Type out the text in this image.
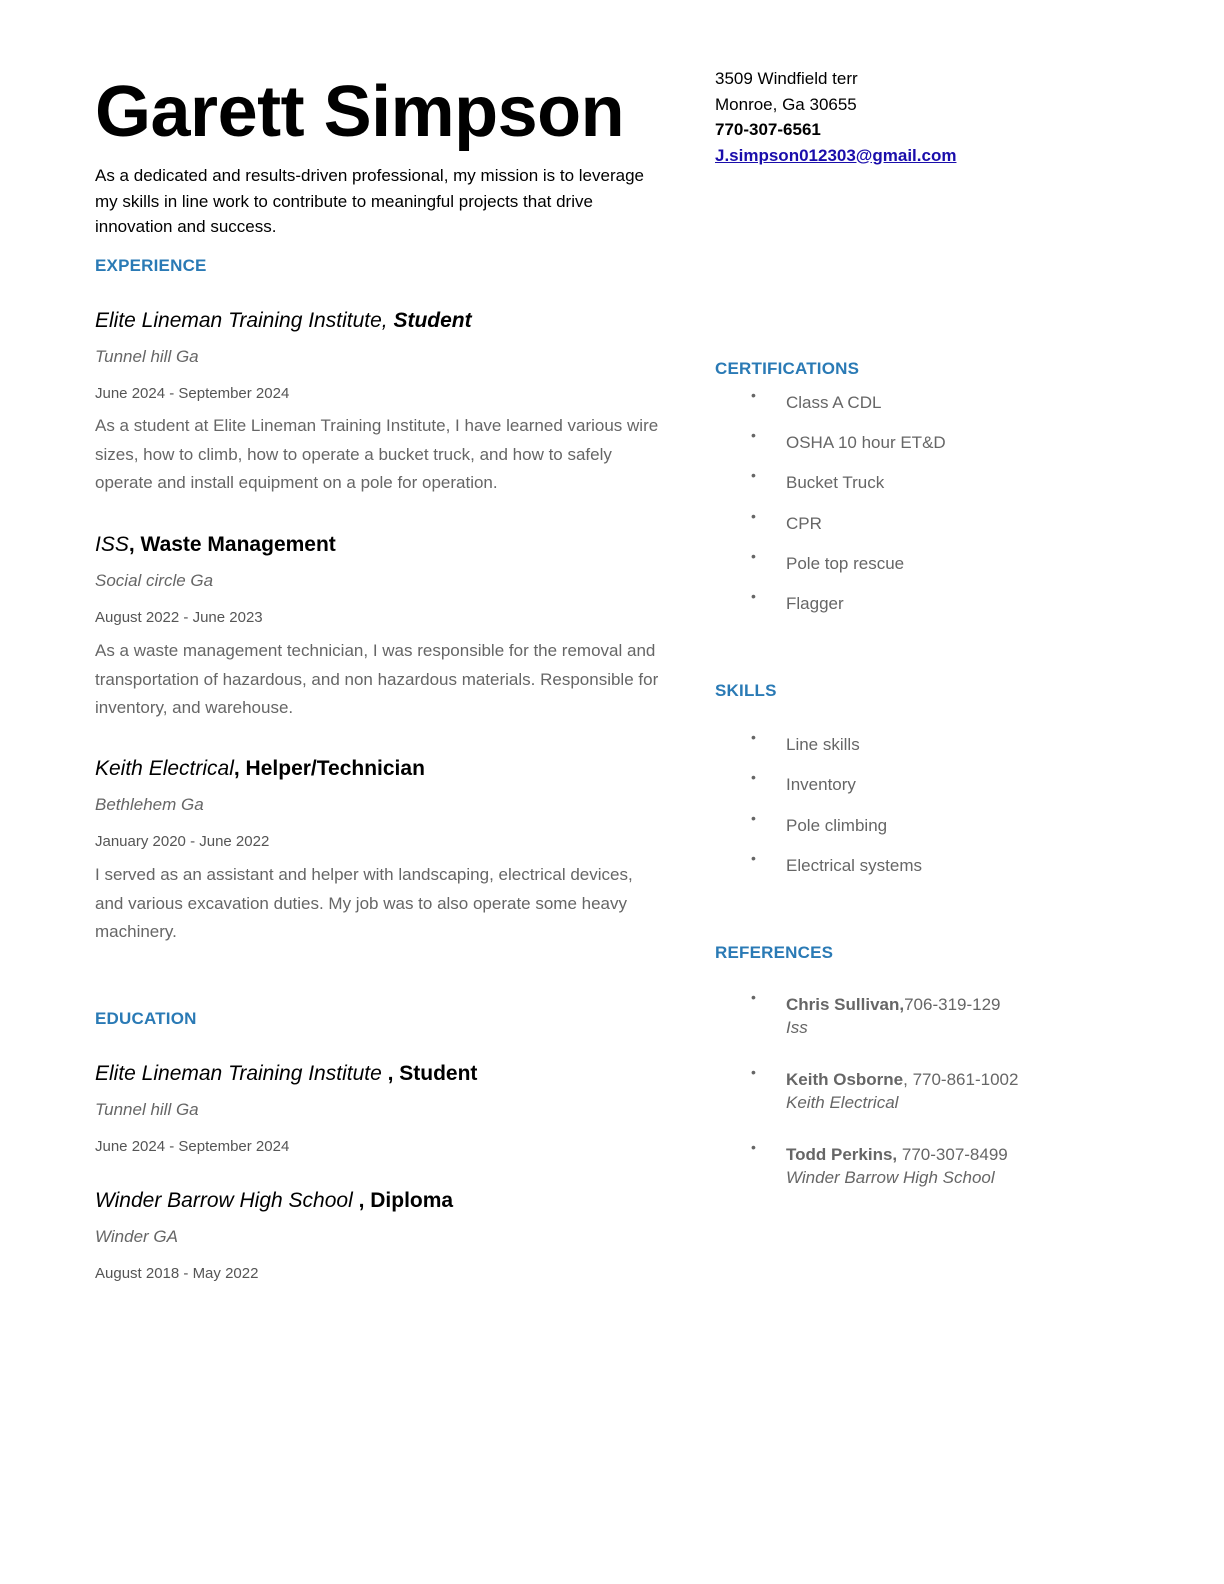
Garett Simpson
As a dedicated and results-driven professional, my mission is to leverage my skills in line work to contribute to meaningful projects that drive innovation and success.
3509 Windfield terr
Monroe, Ga 30655
770-307-6561
J.simpson012303@gmail.com
EXPERIENCE
Elite Lineman Training Institute, Student
Tunnel hill Ga
June 2024 - September 2024
As a student at Elite Lineman Training Institute, I have learned various wire sizes, how to climb, how to operate a bucket truck, and how to safely operate and install equipment on a pole for operation.
ISS, Waste Management
Social circle Ga
August 2022 - June 2023
As a waste management technician, I was responsible for the removal and transportation of hazardous, and non hazardous materials. Responsible for inventory, and warehouse.
Keith Electrical, Helper/Technician
Bethlehem Ga
January 2020 - June 2022
I served as an assistant and helper with landscaping, electrical devices, and various excavation duties. My job was to also operate some heavy machinery.
EDUCATION
Elite Lineman Training Institute , Student
Tunnel hill Ga
June 2024 - September 2024
Winder Barrow High School , Diploma
Winder GA
August 2018 - May 2022
CERTIFICATIONS
• Class A CDL
• OSHA 10 hour ET&D
• Bucket Truck
• CPR
• Pole top rescue
• Flagger
SKILLS
• Line skills
• Inventory
• Pole climbing
• Electrical systems
REFERENCES
• Chris Sullivan,706-319-129
Iss
• Keith Osborne, 770-861-1002
Keith Electrical
• Todd Perkins, 770-307-8499
Winder Barrow High School
